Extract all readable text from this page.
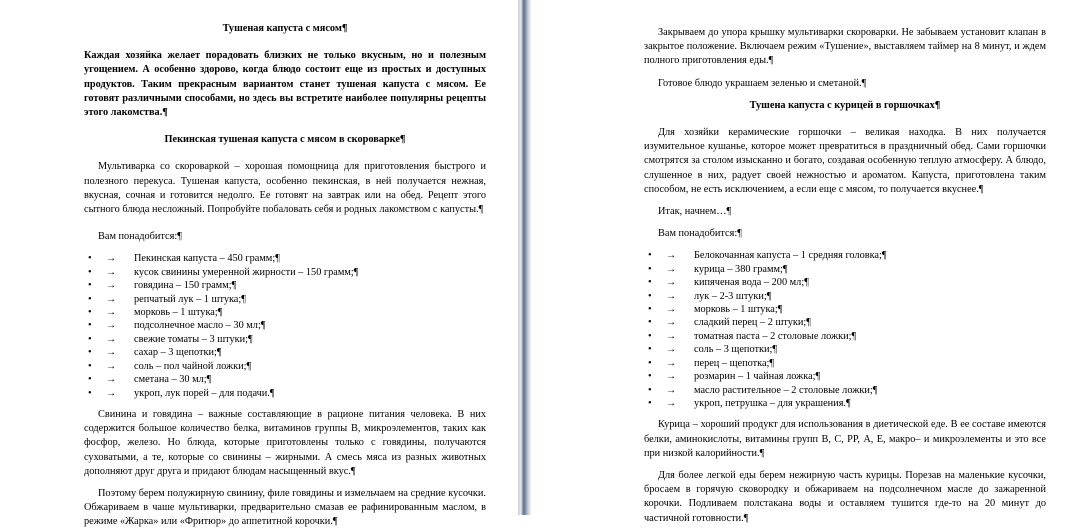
Тушеная капуста с мясом¶

Каждая хозяйка желает порадовать близких не только вкусным, но и полезным угощением. А особенно здорово, когда блюдо состоит еще из простых и доступных продуктов. Таким прекрасным вариантом станет тушеная капуста с мясом. Ее готовят различными способами, но здесь вы встретите наиболее популярны рецепты этого лакомства.¶

Пекинская тушеная капуста с мясом в скороварке¶

Мультиварка со скороваркой – хорошая помощница для приготовления быстрого и полезного перекуса. Тушеная капуста, особенно пекинская, в ней получается нежная, вкусная, сочная и готовится недолго. Ее готовят на завтрак или на обед. Рецепт этого сытного блюда несложный. Попробуйте побаловать себя и родных лакомством с капусты.¶

Вам понадобится:¶

• → Пекинская капуста – 450 грамм;¶
• → кусок свинины умеренной жирности – 150 грамм;¶
• → говядина – 150 грамм;¶
• → репчатый лук – 1 штука;¶
• → морковь – 1 штука;¶
• → подсолнечное масло – 30 мл;¶
• → свежие томаты – 3 штуки;¶
• → сахар – 3 щепотки;¶
• → соль – пол чайной ложки;¶
• → сметана – 30 мл;¶
• → укроп, лук порей – для подачи.¶

Свинина и говядина – важные составляющие в рационе питания человека. В них содержится большое количество белка, витаминов группы В, микроэлементов, таких как фосфор, железо. Но блюда, которые приготовлены только с говядины, получаются суховатыми, а те, которые со свинины – жирными. А смесь мяса из разных животных дополняют друг друга и придают блюдам насыщенный вкус.¶

Поэтому берем полужирную свинину, филе говядины и измельчаем на средние кусочки. Обжариваем в чаше мультиварки, предварительно смазав ее рафинированным маслом, в режиме «Жарка» или «Фритюр» до аппетитной корочки.¶

Закрываем до упора крышку мультиварки скороварки. Не забываем установит клапан в закрытое положение. Включаем режим «Тушение», выставляем таймер на 8 минут, и ждем полного приготовления еды.¶

Готовое блюдо украшаем зеленью и сметаной.¶

Тушена капуста с курицей в горшочках¶

Для хозяйки керамические горшочки – великая находка. В них получается изумительное кушанье, которое может превратиться в праздничный обед. Сами горшочки смотрятся за столом изысканно и богато, создавая особенную теплую атмосферу. А блюдо, слушенное в них, радует своей нежностью и ароматом. Капуста, приготовлена таким способом, не есть исключением, а если еще с мясом, то получается вкуснее.¶

Итак, начнем…¶

Вам понадобится:¶

• → Белокочанная капуста – 1 средняя головка;¶
• → курица – 380 грамм;¶
• → кипяченая вода – 200 мл;¶
• → лук – 2-3 штуки;¶
• → морковь – 1 штука;¶
• → сладкий перец – 2 штуки;¶
• → томатная паста – 2 столовые ложки;¶
• → соль – 3 щепотки;¶
• → перец – щепотка;¶
• → розмарин – 1 чайная ложка;¶
• → масло растительное – 2 столовые ложки;¶
• → укроп, петрушка – для украшения.¶

Курица – хороший продукт для использования в диетической еде. В ее составе имеются белки, аминокислоты, витамины групп В, С, РР, А, Е, макро– и микроэлементы и это все при низкой калорийности.¶

Для более легкой еды берем нежирную часть курицы. Порезав на маленькие кусочки, бросаем в горячую сковородку и обжариваем на подсолнечном масле до зажаренной корочки. Подливаем полстакана воды и оставляем тушится где-то на 20 минут до частичной готовности.¶
